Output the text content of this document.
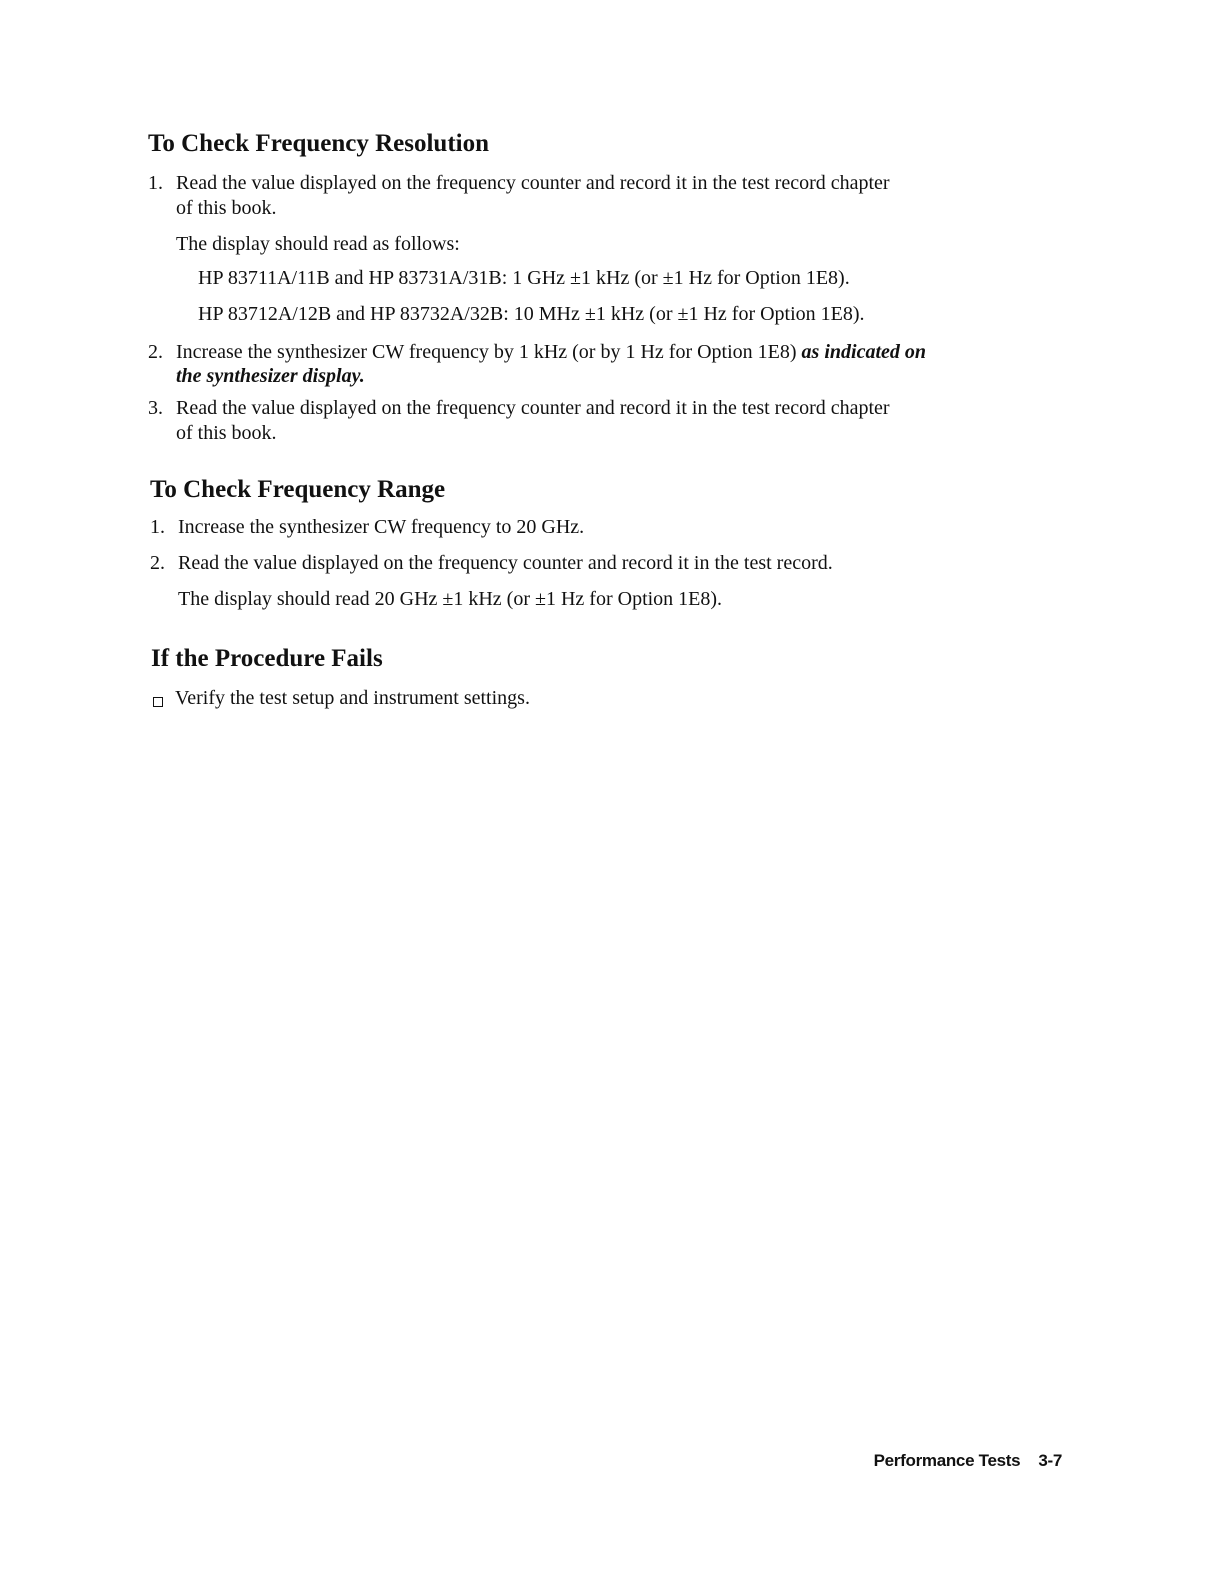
To Check Frequency Resolution
1. Read the value displayed on the frequency counter and record it in the test record chapter
of this book.
The display should read as follows:
HP 83711A/11B and HP 83731A/31B: 1 GHz ±1 kHz (or ±1 Hz for Option 1E8).
HP 83712A/12B and HP 83732A/32B: 10 MHz ±1 kHz (or ±1 Hz for Option 1E8).
2. Increase the synthesizer CW frequency by 1 kHz (or by 1 Hz for Option 1E8) as indicated on
the synthesizer display.
3. Read the value displayed on the frequency counter and record it in the test record chapter
of this book.
To Check Frequency Range
1. Increase the synthesizer CW frequency to 20 GHz.
2. Read the value displayed on the frequency counter and record it in the test record.
The display should read 20 GHz ±1 kHz (or ±1 Hz for Option 1E8).
If the Procedure Fails
Verify the test setup and instrument settings.
Performance Tests 3-7
